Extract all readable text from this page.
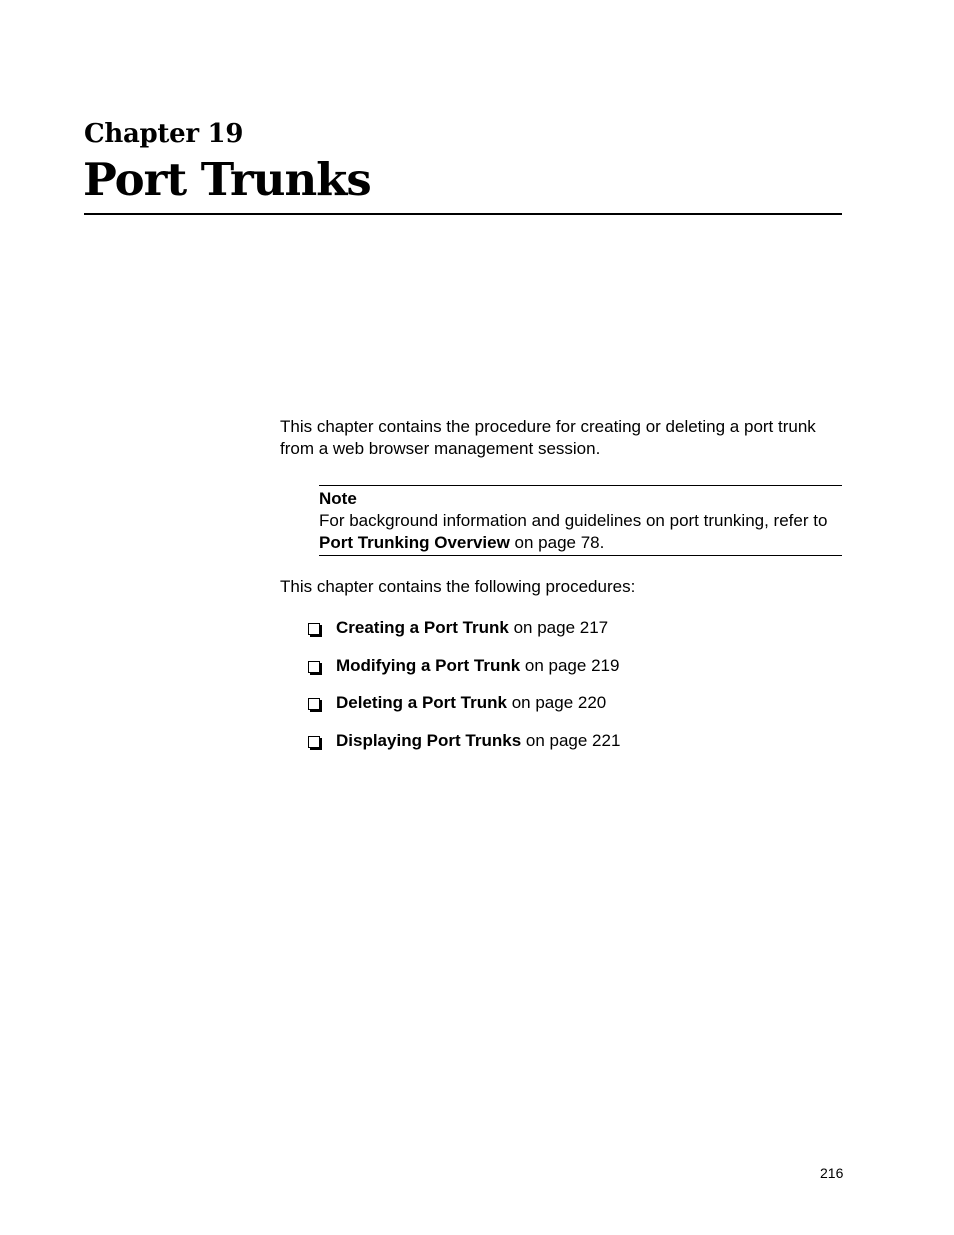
Chapter 19
Port Trunks

This chapter contains the procedure for creating or deleting a port trunk from a web browser management session.

Note
For background information and guidelines on port trunking, refer to Port Trunking Overview on page 78.

This chapter contains the following procedures:

Creating a Port Trunk on page 217
Modifying a Port Trunk on page 219
Deleting a Port Trunk on page 220
Displaying Port Trunks on page 221
216
